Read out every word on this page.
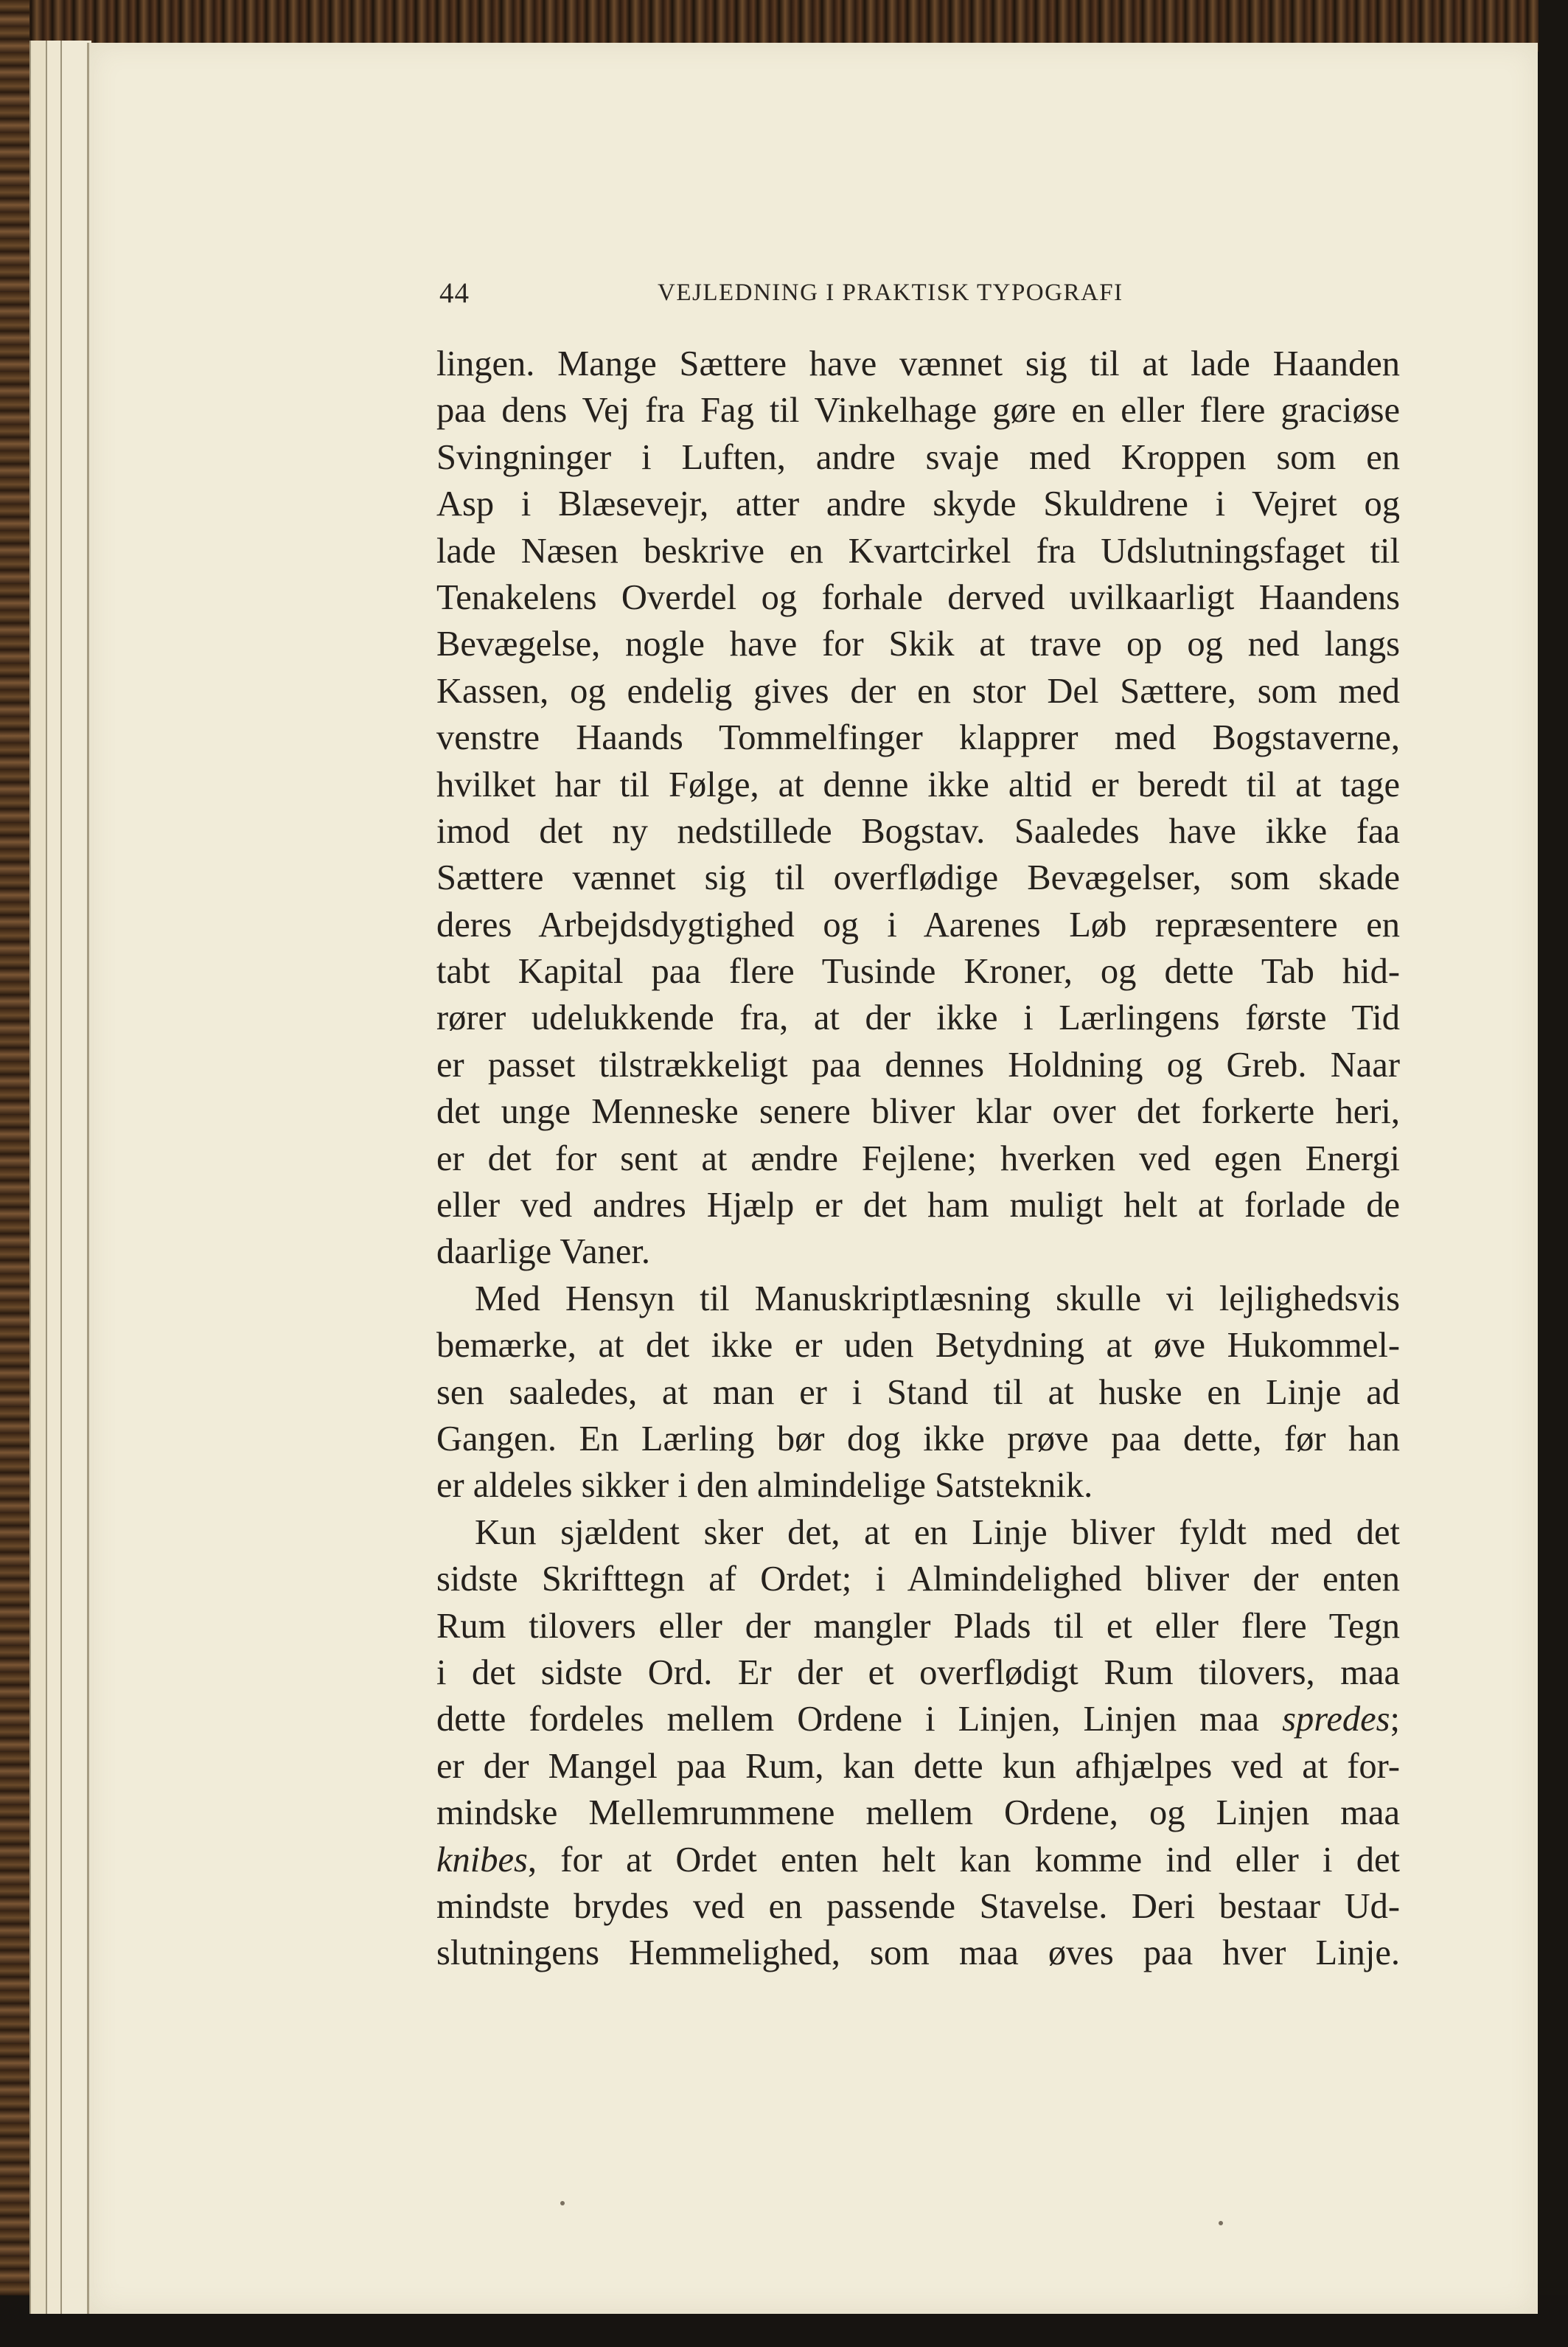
44	VEJLEDNING I PRAKTISK TYPOGRAFI
lingen. Mange Sættere have vænnet sig til at lade Haanden
paa dens Vej fra Fag til Vinkelhage gøre en eller flere graciøse
Svingninger i Luften, andre svaje med Kroppen som en
Asp i Blæsevejr, atter andre skyde Skuldrene i Vejret og
lade Næsen beskrive en Kvartcirkel fra Udslutningsfaget til
Tenakelens Overdel og forhale derved uvilkaarligt Haandens
Bevægelse, nogle have for Skik at trave op og ned langs
Kassen, og endelig gives der en stor Del Sættere, som med
venstre Haands Tommelfinger klapprer med Bogstaverne,
hvilket har til Følge, at denne ikke altid er beredt til at tage
imod det ny nedstillede Bogstav. Saaledes have ikke faa
Sættere vænnet sig til overflødige Bevægelser, som skade
deres Arbejdsdygtighed og i Aarenes Løb repræsentere en
tabt Kapital paa flere Tusinde Kroner, og dette Tab hid-
rører udelukkende fra, at der ikke i Lærlingens første Tid
er passet tilstrækkeligt paa dennes Holdning og Greb. Naar
det unge Menneske senere bliver klar over det forkerte heri,
er det for sent at ændre Fejlene; hverken ved egen Energi
eller ved andres Hjælp er det ham muligt helt at forlade de
daarlige Vaner.
Med Hensyn til Manuskriptlæsning skulle vi lejlighedsvis
bemærke, at det ikke er uden Betydning at øve Hukommel-
sen saaledes, at man er i Stand til at huske en Linje ad
Gangen. En Lærling bør dog ikke prøve paa dette, før han
er aldeles sikker i den almindelige Satsteknik.
Kun sjældent sker det, at en Linje bliver fyldt med det
sidste Skrifttegn af Ordet; i Almindelighed bliver der enten
Rum tilovers eller der mangler Plads til et eller flere Tegn
i det sidste Ord. Er der et overflødigt Rum tilovers, maa
dette fordeles mellem Ordene i Linjen, Linjen maa spredes;
er der Mangel paa Rum, kan dette kun afhjælpes ved at for-
mindske Mellemrummene mellem Ordene, og Linjen maa
knibes, for at Ordet enten helt kan komme ind eller i det
mindste brydes ved en passende Stavelse. Deri bestaar Ud-
slutningens Hemmelighed, som maa øves paa hver Linje.
